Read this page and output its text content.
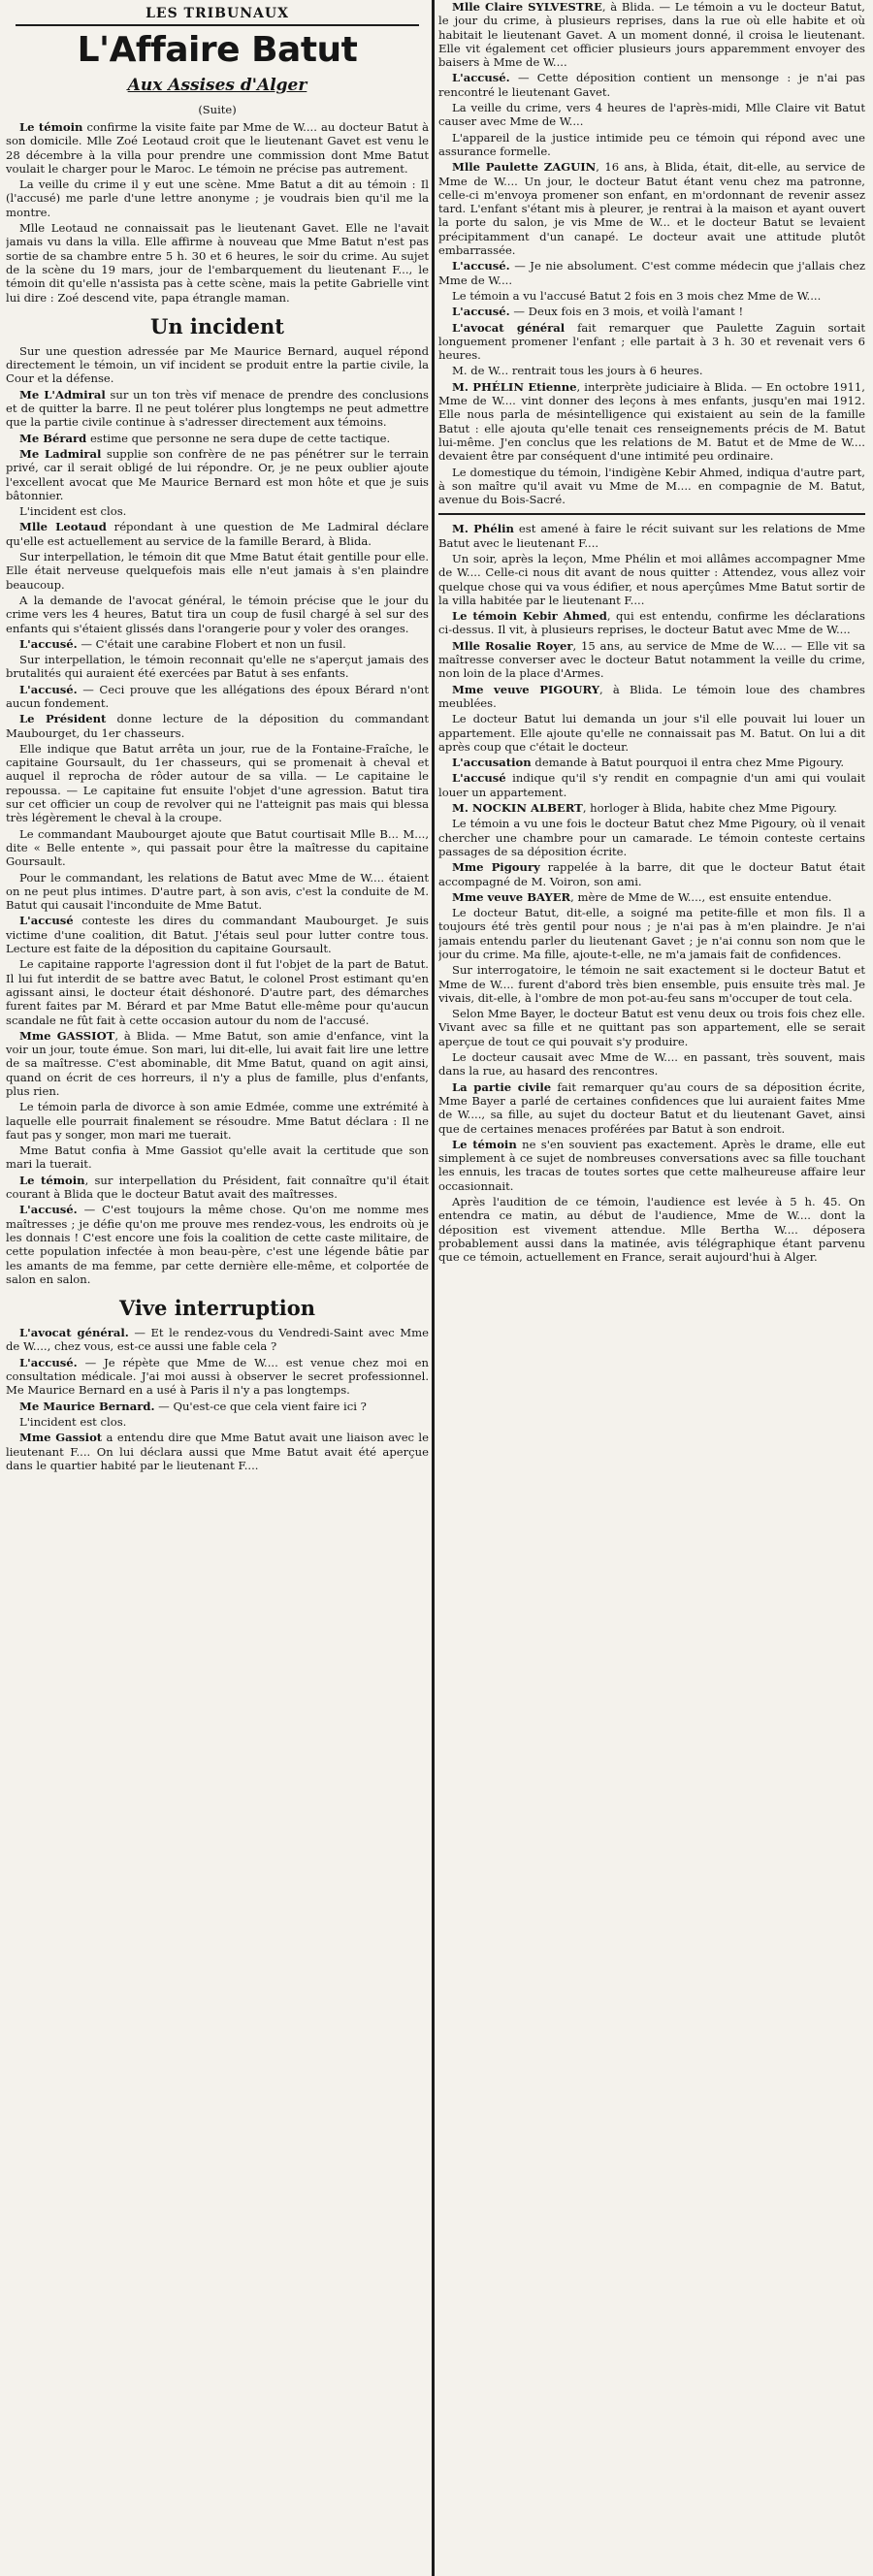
LES TRIBUNAUX
L'Affaire Batut
Aux Assises d'Alger
(Suite)

Le témoin confirme la visite faite par Mme de W.... au docteur Batut à son domicile. Mlle Zoé Leotaud croit que le lieutenant Gavet est venu le 28 décembre à la villa pour prendre une commission dont Mme Batut voulait le charger pour le Maroc. Le témoin ne précise pas autrement.

La veille du crime il y eut une scène. Mme Batut a dit au témoin : Il (l'accusé) me parle d'une lettre anonyme ; je voudrais bien qu'il me la montre.

Mlle Leotaud ne connaissait pas le lieutenant Gavet. Elle ne l'avait jamais vu dans la villa. Elle affirme à nouveau que Mme Batut n'est pas sortie de sa chambre entre 5 h. 30 et 6 heures, le soir du crime. Au sujet de la scène du 19 mars, jour de l'embarquement du lieutenant F..., le témoin dit qu'elle n'assista pas à cette scène, mais la petite Gabrielle vint lui dire : Zoé descend vite, papa étrangle maman.

Un incident

Sur une question adressée par Me Maurice Bernard, auquel répond directement le témoin, un vif incident se produit entre la partie civile, la Cour et la défense.

Me L'Admiral sur un ton très vif menace de prendre des conclusions et de quitter la barre. Il ne peut tolérer plus longtemps ne peut admettre que la partie civile continue à s'adresser directement aux témoins.

Me Bérard estime que personne ne sera dupe de cette tactique.

Me Ladmiral supplie son confrère de ne pas pénétrer sur le terrain privé, car il serait obligé de lui répondre. Or, je ne peux oublier ajoute l'excellent avocat que Me Maurice Bernard est mon hôte et que je suis bâtonnier.

L'incident est clos.

Mlle Leotaud répondant à une question de Me Ladmiral déclare qu'elle est actuellement au service de la famille Berard, à Blida.

Sur interpellation, le témoin dit que Mme Batut était gentille pour elle. Elle était nerveuse quelquefois mais elle n'eut jamais à s'en plaindre beaucoup.

A la demande de l'avocat général, le témoin précise que le jour du crime vers les 4 heures, Batut tira un coup de fusil chargé à sel sur des enfants qui s'étaient glissés dans l'orangerie pour y voler des oranges.

L'accusé. — C'était une carabine Flobert et non un fusil.

Sur interpellation, le témoin reconnait qu'elle ne s'aperçut jamais des brutalités qui auraient été exercées par Batut à ses enfants.

L'accusé. — Ceci prouve que les allégations des époux Bérard n'ont aucun fondement.

Le Président donne lecture de la déposition du commandant Maubourget, du 1er chasseurs.

Elle indique que Batut arrêta un jour, rue de la Fontaine-Fraîche, le capitaine Goursault, du 1er chasseurs, qui se promenait à cheval et auquel il reprocha de rôder autour de sa villa. — Le capitaine le repoussa. — Le capitaine fut ensuite l'objet d'une agression. Batut tira sur cet officier un coup de revolver qui ne l'atteignit pas mais qui blessa très légèrement le cheval à la croupe.

Le commandant Maubourget ajoute que Batut courtisait Mlle B... M..., dite « Belle entente », qui passait pour être la maîtresse du capitaine Goursault.

Pour le commandant, les relations de Batut avec Mme de W.... étaient on ne peut plus intimes. D'autre part, à son avis, c'est la conduite de M. Batut qui causait l'inconduite de Mme Batut.

L'accusé conteste les dires du commandant Maubourget. Je suis victime d'une coalition, dit Batut. J'étais seul pour lutter contre tous. Lecture est faite de la déposition du capitaine Goursault.

Le capitaine rapporte l'agression dont il fut l'objet de la part de Batut. Il lui fut interdit de se battre avec Batut, le colonel Prost estimant qu'en agissant ainsi, le docteur était déshonoré. D'autre part, des démarches furent faites par M. Bérard et par Mme Batut elle-même pour qu'aucun scandale ne fût fait à cette occasion autour du nom de l'accusé.

Mme GASSIOT, à Blida. — Mme Batut, son amie d'enfance, vint la voir un jour, toute émue. Son mari, lui dit-elle, lui avait fait lire une lettre de sa maîtresse. C'est abominable, dit Mme Batut, quand on agit ainsi, quand on écrit de ces horreurs, il n'y a plus de famille, plus d'enfants, plus rien.

Le témoin parla de divorce à son amie Edmée, comme une extrémité à laquelle elle pourrait finalement se résoudre. Mme Batut déclara : Il ne faut pas y songer, mon mari me tuerait.

Mme Batut confia à Mme Gassiot qu'elle avait la certitude que son mari la tuerait.

Le témoin, sur interpellation du Président, fait connaître qu'il était courant à Blida que le docteur Batut avait des maîtresses.

L'accusé. — C'est toujours la même chose. Qu'on me nomme mes maîtresses ; je défie qu'on me prouve mes rendez-vous, les endroits où je les donnais ! C'est encore une fois la coalition de cette caste militaire, de cette population infectée à mon beau-père, c'est une légende bâtie par les amants de ma femme, par cette dernière elle-même, et colportée de salon en salon.

Vive interruption

L'avocat général. — Et le rendez-vous du Vendredi-Saint avec Mme de W...., chez vous, est-ce aussi une fable cela ?

L'accusé. — Je répète que Mme de W.... est venue chez moi en consultation médicale. J'ai moi aussi à observer le secret professionnel. Me Maurice Bernard en a usé à Paris il n'y a pas longtemps.

Me Maurice Bernard. — Qu'est-ce que cela vient faire ici ?

L'incident est clos.

Mme Gassiot a entendu dire que Mme Batut avait une liaison avec le lieutenant F.... On lui déclara aussi que Mme Batut avait été aperçue dans le quartier habité par le lieutenant F....

Mlle Claire SYLVESTRE, à Blida. — Le témoin a vu le docteur Batut, le jour du crime, à plusieurs reprises, dans la rue où elle habite et où habitait le lieutenant Gavet. A un moment donné, il croisa le lieutenant. Elle vit également cet officier plusieurs jours apparemment envoyer des baisers à Mme de W....

L'accusé. — Cette déposition contient un mensonge : je n'ai pas rencontré le lieutenant Gavet.

La veille du crime, vers 4 heures de l'après-midi, Mlle Claire vit Batut causer avec Mme de W....

L'appareil de la justice intimide peu ce témoin qui répond avec une assurance formelle.

Mlle Paulette ZAGUIN, 16 ans, à Blida, était, dit-elle, au service de Mme de W.... Un jour, le docteur Batut étant venu chez ma patronne, celle-ci m'envoya promener son enfant, en m'ordonnant de revenir assez tard. L'enfant s'étant mis à pleurer, je rentrai à la maison et ayant ouvert la porte du salon, je vis Mme de W... et le docteur Batut se levaient précipitamment d'un canapé. Le docteur avait une attitude plutôt embarrassée.

L'accusé. — Je nie absolument. C'est comme médecin que j'allais chez Mme de W....

Le témoin a vu l'accusé Batut 2 fois en 3 mois chez Mme de W....

L'accusé. — Deux fois en 3 mois, et voilà l'amant !

L'avocat général fait remarquer que Paulette Zaguin sortait longuement promener l'enfant ; elle partait à 3 h. 30 et revenait vers 6 heures.

M. de W... rentrait tous les jours à 6 heures.

M. PHÉLIN Etienne, interprète judiciaire à Blida. — En octobre 1911, Mme de W.... vint donner des leçons à mes enfants, jusqu'en mai 1912. Elle nous parla de mésintelligence qui existaient au sein de la famille Batut : elle ajouta qu'elle tenait ces renseignements précis de M. Batut lui-même. J'en conclus que les relations de M. Batut et de Mme de W.... devaient être par conséquent d'une intimité peu ordinaire.

Le domestique du témoin, l'indigène Kebir Ahmed, indiqua d'autre part, à son maître qu'il avait vu Mme de M.... en compagnie de M. Batut, avenue du Bois-Sacré.

M. Phélin est amené à faire le récit suivant sur les relations de Mme Batut avec le lieutenant F....

Un soir, après la leçon, Mme Phélin et moi allâmes accompagner Mme de W.... Celle-ci nous dit avant de nous quitter : Attendez, vous allez voir quelque chose qui va vous édifier, et nous aperçûmes Mme Batut sortir de la villa habitée par le lieutenant F....

Le témoin Kebir Ahmed, qui est entendu, confirme les déclarations ci-dessus. Il vit, à plusieurs reprises, le docteur Batut avec Mme de W....

Mlle Rosalie Royer, 15 ans, au service de Mme de W.... — Elle vit sa maîtresse converser avec le docteur Batut notamment la veille du crime, non loin de la place d'Armes.

Mme veuve PIGOURY, à Blida. Le témoin loue des chambres meublées.

Le docteur Batut lui demanda un jour s'il elle pouvait lui louer un appartement. Elle ajoute qu'elle ne connaissait pas M. Batut. On lui a dit après coup que c'était le docteur.

L'accusation demande à Batut pourquoi il entra chez Mme Pigoury.

L'accusé indique qu'il s'y rendit en compagnie d'un ami qui voulait louer un appartement.

M. NOCKIN ALBERT, horloger à Blida, habite chez Mme Pigoury.

Le témoin a vu une fois le docteur Batut chez Mme Pigoury, où il venait chercher une chambre pour un camarade. Le témoin conteste certains passages de sa déposition écrite.

Mme Pigoury rappelée à la barre, dit que le docteur Batut était accompagné de M. Voiron, son ami.

Mme veuve BAYER, mère de Mme de W...., est ensuite entendue.

Le docteur Batut, dit-elle, a soigné ma petite-fille et mon fils. Il a toujours été très gentil pour nous ; je n'ai pas à m'en plaindre. Je n'ai jamais entendu parler du lieutenant Gavet ; je n'ai connu son nom que le jour du crime. Ma fille, ajoute-t-elle, ne m'a jamais fait de confidences.

Sur interrogatoire, le témoin ne sait exactement si le docteur Batut et Mme de W.... furent d'abord très bien ensemble, puis ensuite très mal. Je vivais, dit-elle, à l'ombre de mon pot-au-feu sans m'occuper de tout cela.

Selon Mme Bayer, le docteur Batut est venu deux ou trois fois chez elle. Vivant avec sa fille et ne quittant pas son appartement, elle se serait aperçue de tout ce qui pouvait s'y produire.

Le docteur causait avec Mme de W.... en passant, très souvent, mais dans la rue, au hasard des rencontres.

La partie civile fait remarquer qu'au cours de sa déposition écrite, Mme Bayer a parlé de certaines confidences que lui auraient faites Mme de W...., sa fille, au sujet du docteur Batut et du lieutenant Gavet, ainsi que de certaines menaces proférées par Batut à son endroit.

Le témoin ne s'en souvient pas exactement. Après le drame, elle eut simplement à ce sujet de nombreuses conversations avec sa fille touchant les ennuis, les tracas de toutes sortes que cette malheureuse affaire leur occasionnait.

Après l'audition de ce témoin, l'audience est levée à 5 h. 45. On entendra ce matin, au début de l'audience, Mme de W.... dont la déposition est vivement attendue. Mlle Bertha W.... déposera probablement aussi dans la matinée, avis télégraphique étant parvenu que ce témoin, actuellement en France, serait aujourd'hui à Alger.
